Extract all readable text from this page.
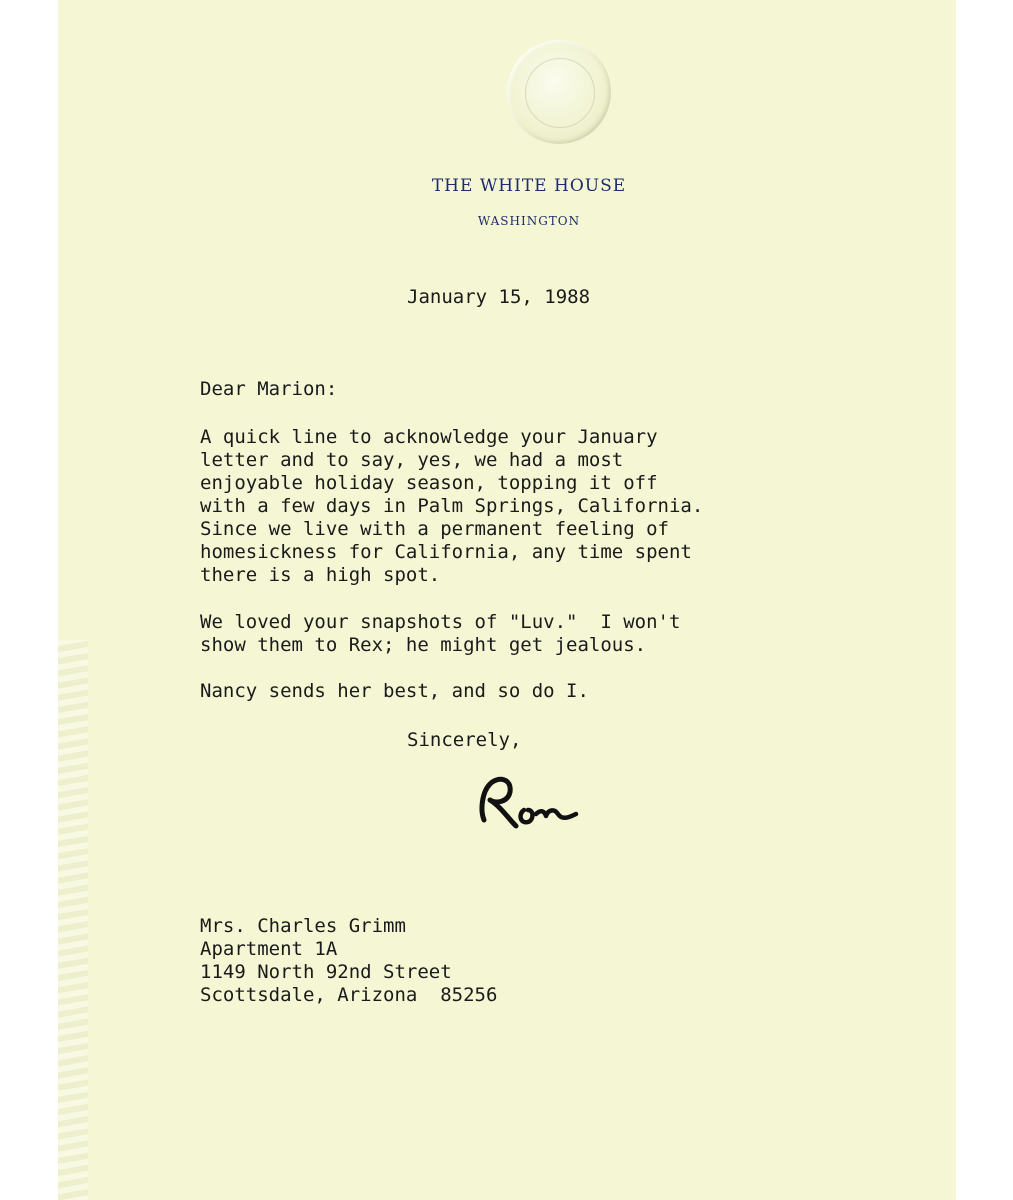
THE WHITE HOUSE
WASHINGTON

January 15, 1988

Dear Marion:

A quick line to acknowledge your January
letter and to say, yes, we had a most
enjoyable holiday season, topping it off
with a few days in Palm Springs, California.
Since we live with a permanent feeling of
homesickness for California, any time spent
there is a high spot.

We loved your snapshots of "Luv."  I won't
show them to Rex; he might get jealous.

Nancy sends her best, and so do I.

Sincerely,

Mrs. Charles Grimm
Apartment 1A
1149 North 92nd Street
Scottsdale, Arizona  85256
